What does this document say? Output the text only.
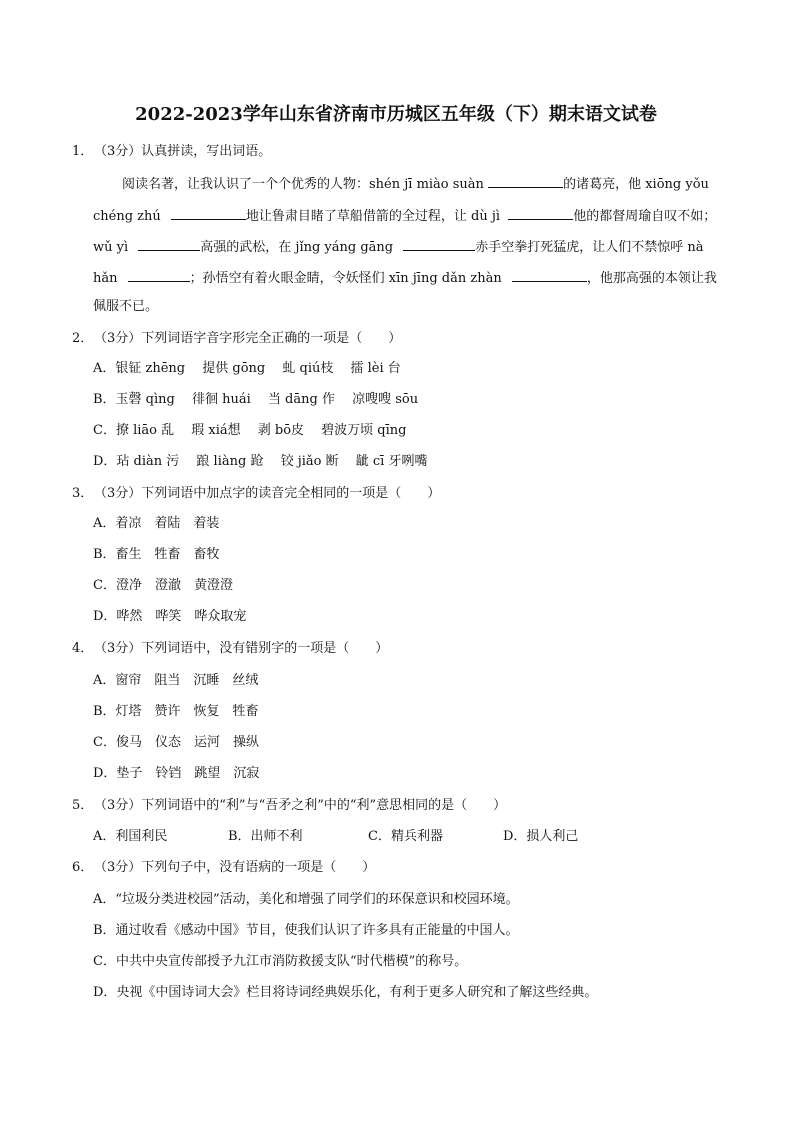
2022-2023学年山东省济南市历城区五年级（下）期末语文试卷
1．（3分）认真拼读，写出词语。
阅读名著，让我认识了一个个优秀的人物：shén jī miào suàn	的诸葛亮，他 xiōng yǒu
chéng zhú	地让鲁肃目睹了草船借箭的全过程，让 dù jì	他的都督周瑜自叹不如；
wǔ yì	高强的武松，在 jǐng yáng gāng	赤手空拳打死猛虎，让人们不禁惊呼 nà
hǎn	；孙悟空有着火眼金睛，令妖怪们 xīn jīng dǎn zhàn	，他那高强的本领让我
佩服不已。
2．（3分）下列词语字音字形完全正确的一项是（　　）
A．银钲 zhēng　 提供 gōng　 虬 qiú枝　 擂 lèi 台
B．玉磬 qìng　 徘徊 huái　 当 dāng 作　 凉嗖嗖 sōu
C．撩 liāo 乱　 瑕 xiá想　 剥 bō皮　 碧波万顷 qīng
D．玷 diàn 污　 踉 liàng 跄　 铰 jiǎo 断　 龇 cī 牙咧嘴
3．（3分）下列词语中加点字的读音完全相同的一项是（　　）
A．着凉　着陆　着装
B．畜生　牲畜　畜牧
C．澄净　澄澈　黄澄澄
D．哗然　哗笑　哗众取宠
4．（3分）下列词语中，没有错别字的一项是（　　）
A．窗帘　阻当　沉睡　丝绒
B．灯塔　赞许　恢复　牲畜
C．俊马　仪态　运河　操纵
D．垫子　铃铛　跳望　沉寂
5．（3分）下列词语中的“利”与“吾矛之利”中的“利”意思相同的是（　　）
A．利国利民	B．出师不利	C．精兵利器	D．损人利己
6．（3分）下列句子中，没有语病的一项是（　　）
A．“垃圾分类进校园”活动，美化和增强了同学们的环保意识和校园环境。
B．通过收看《感动中国》节目，使我们认识了许多具有正能量的中国人。
C．中共中央宣传部授予九江市消防救援支队“时代楷模”的称号。
D．央视《中国诗词大会》栏目将诗词经典娱乐化，有利于更多人研究和了解这些经典。
